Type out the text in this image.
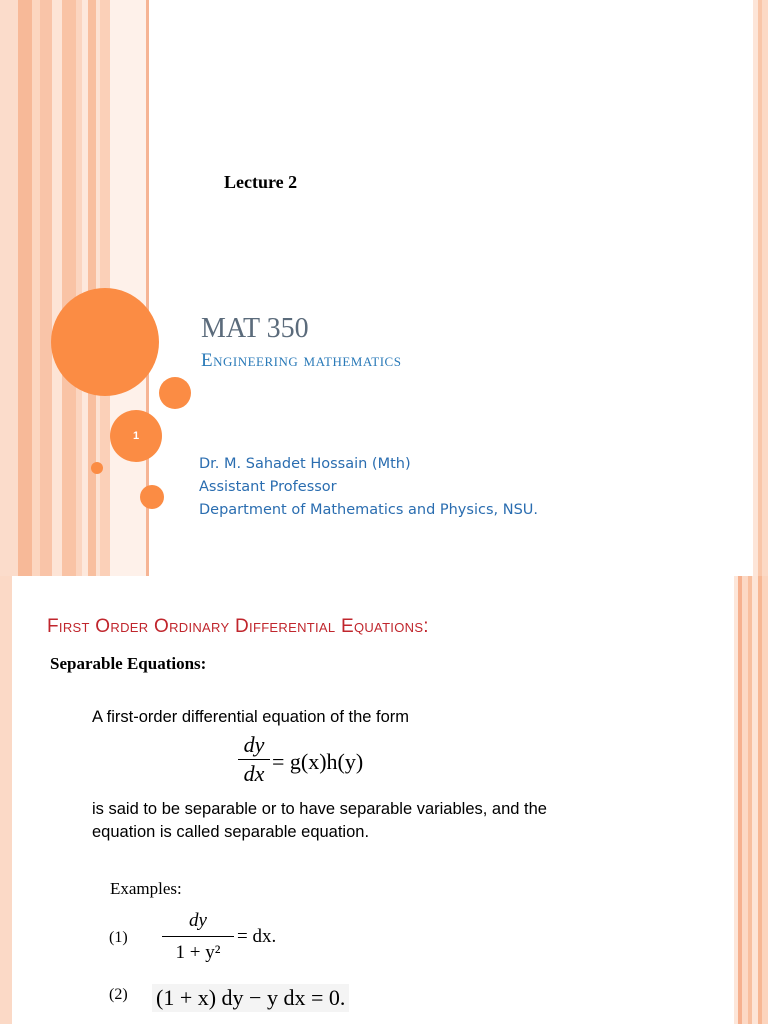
1
Lecture 2
MAT 350
Engineering mathematics
Dr. M. Sahadet Hossain (Mth)
Assistant Professor
Department of Mathematics and Physics, NSU.
First Order Ordinary Differential Equations:
Separable Equations:
A first-order differential equation of the form
dy
dx = g(x)h(y)
is said to be separable or to have separable variables, and the
equation is called separable equation.
Examples:
(1)
dy
1 + y²
= dx.
(2) (1 + x) dy − y dx = 0.
